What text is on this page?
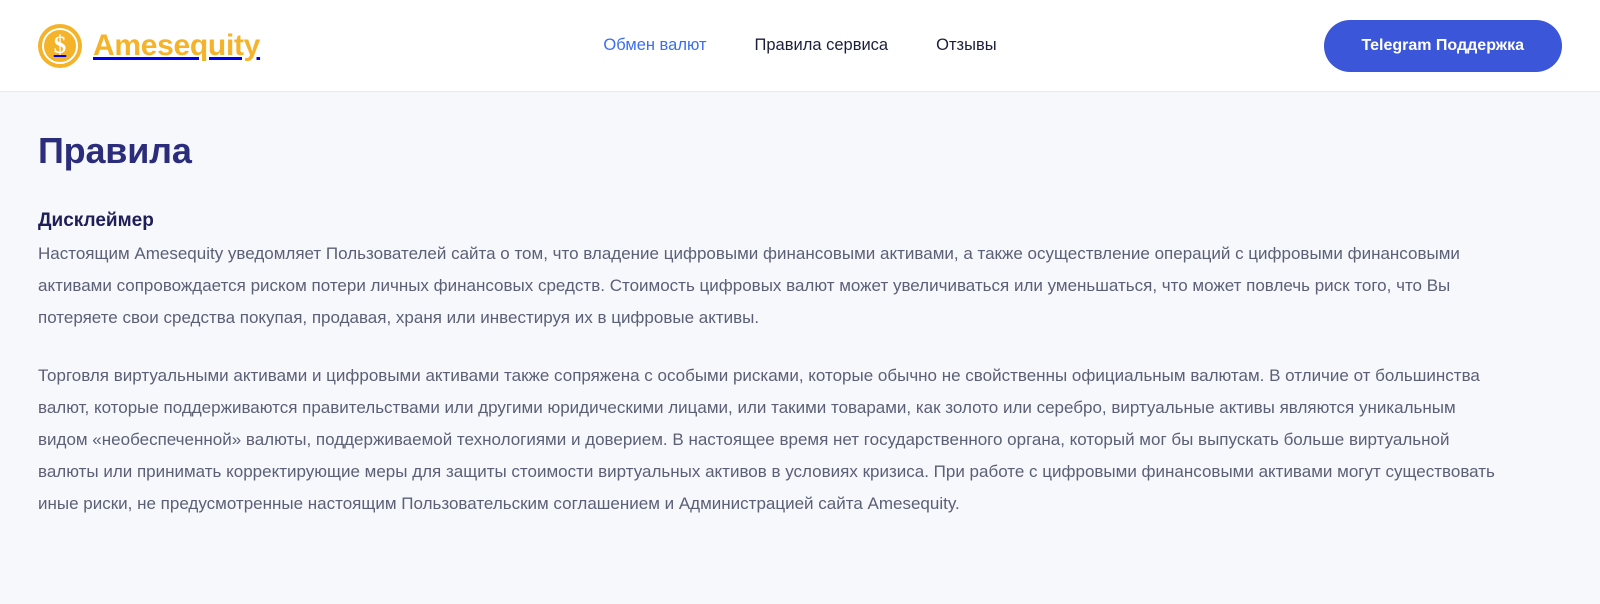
$ Amesequity	Обмен валют	Правила сервиса	Отзывы	Telegram Поддержка
Правила
Дисклеймер

Настоящим Amesequity уведомляет Пользователей сайта о том, что владение цифровыми финансовыми активами, а также осуществление операций с цифровыми финансовыми активами сопровождается риском потери личных финансовых средств. Стоимость цифровых валют может увеличиваться или уменьшаться, что может повлечь риск того, что Вы потеряете свои средства покупая, продавая, храня или инвестируя их в цифровые активы.

Торговля виртуальными активами и цифровыми активами также сопряжена с особыми рисками, которые обычно не свойственны официальным валютам. В отличие от большинства валют, которые поддерживаются правительствами или другими юридическими лицами, или такими товарами, как золото или серебро, виртуальные активы являются уникальным видом «необеспеченной» валюты, поддерживаемой технологиями и доверием. В настоящее время нет государственного органа, который мог бы выпускать больше виртуальной валюты или принимать корректирующие меры для защиты стоимости виртуальных активов в условиях кризиса. При работе с цифровыми финансовыми активами могут существовать иные риски, не предусмотренные настоящим Пользовательским соглашением и Администрацией сайта Amesequity.
